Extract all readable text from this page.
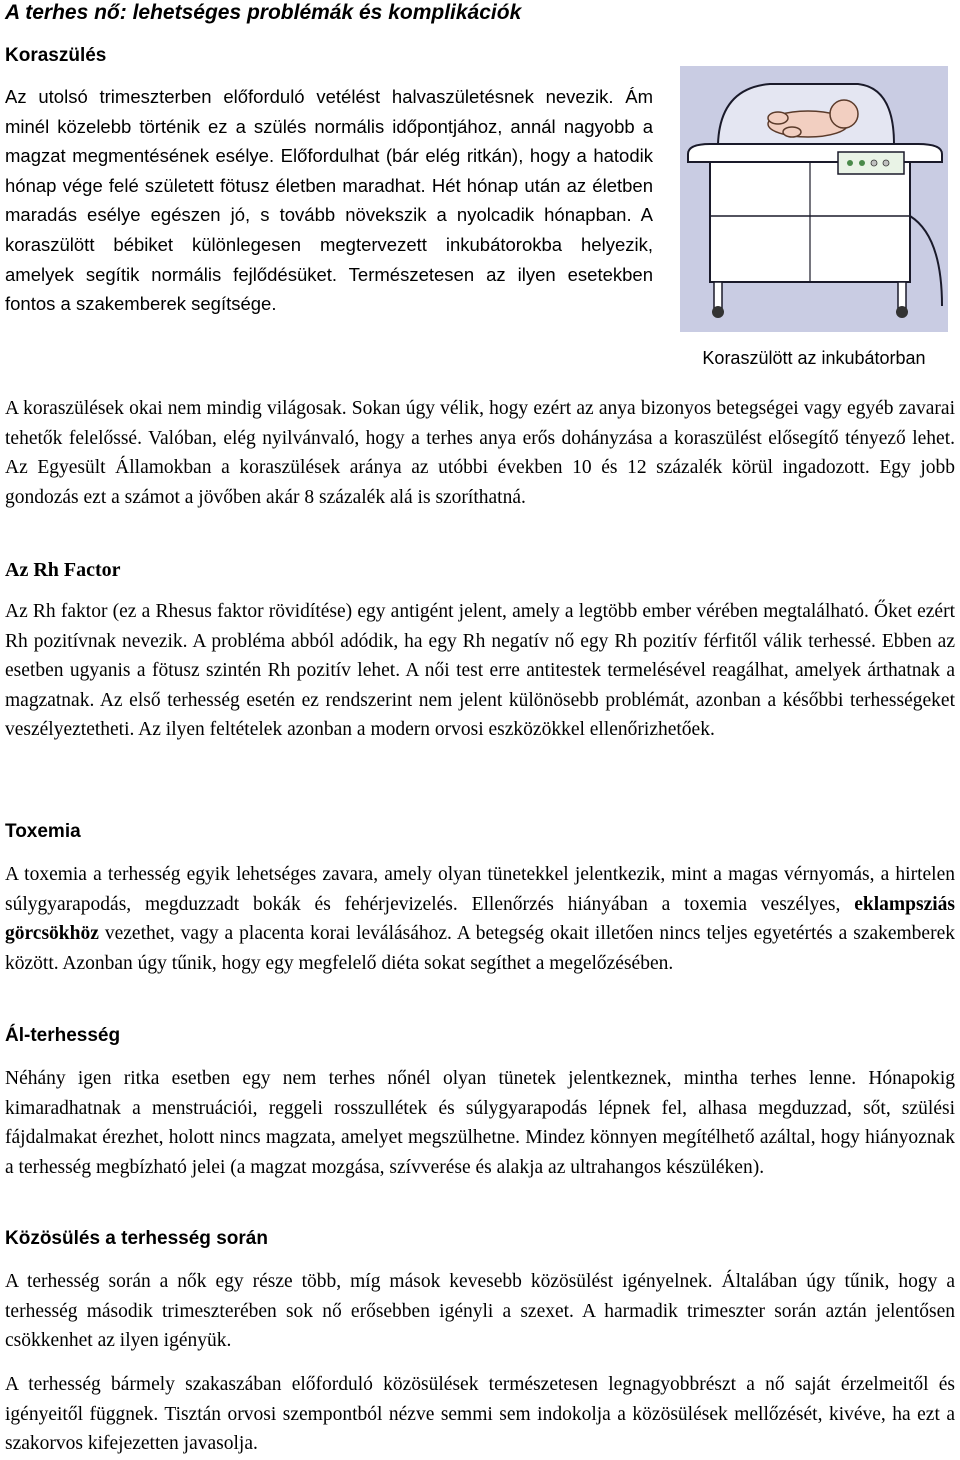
A terhes nő: lehetséges problémák és komplikációk
Koraszülés

Az utolsó trimeszterben előforduló vetélést halvaszületésnek nevezik. Ám minél közelebb történik ez a szülés normális időpontjához, annál nagyobb a magzat megmentésének esélye. Előfordulhat (bár elég ritkán), hogy a hatodik hónap vége felé született fötusz életben maradhat. Hét hónap után az életben maradás esélye egészen jó, s tovább növekszik a nyolcadik hónapban. A koraszülött bébiket különlegesen megtervezett inkubátorokba helyezik, amelyek segítik normális fejlődésüket. Természetesen az ilyen esetekben fontos a szakemberek segítsége.

Koraszülött az inkubátorban

A koraszülések okai nem mindig világosak. Sokan úgy vélik, hogy ezért az anya bizonyos betegségei vagy egyéb zavarai tehetők felelőssé. Valóban, elég nyilvánvaló, hogy a terhes anya erős dohányzása a koraszülést elősegítő tényező lehet. Az Egyesült Államokban a koraszülések aránya az utóbbi években 10 és 12 százalék körül ingadozott. Egy jobb gondozás ezt a számot a jövőben akár 8 százalék alá is szoríthatná.

Az Rh Factor

Az Rh faktor (ez a Rhesus faktor rövidítése) egy antigént jelent, amely a legtöbb ember vérében megtalálható. Őket ezért Rh pozitívnak nevezik. A probléma abból adódik, ha egy Rh negatív nő egy Rh pozitív férfitől válik terhessé. Ebben az esetben ugyanis a fötusz szintén Rh pozitív lehet. A női test erre antitestek termelésével reagálhat, amelyek árthatnak a magzatnak. Az első terhesség esetén ez rendszerint nem jelent különösebb problémát, azonban a későbbi terhességeket veszélyeztetheti. Az ilyen feltételek azonban a modern orvosi eszközökkel ellenőrizhetőek.

Toxemia

A toxemia a terhesség egyik lehetséges zavara, amely olyan tünetekkel jelentkezik, mint a magas vérnyomás, a hirtelen súlygyarapodás, megduzzadt bokák és fehérjevizelés. Ellenőrzés hiányában a toxemia veszélyes, eklampsziás görcsökhöz vezethet, vagy a placenta korai leválásához. A betegség okait illetően nincs teljes egyetértés a szakemberek között. Azonban úgy tűnik, hogy egy megfelelő diéta sokat segíthet a megelőzésében.

Ál-terhesség

Néhány igen ritka esetben egy nem terhes nőnél olyan tünetek jelentkeznek, mintha terhes lenne. Hónapokig kimaradhatnak a menstruációi, reggeli rosszullétek és súlygyarapodás lépnek fel, alhasa megduzzad, sőt, szülési fájdalmakat érezhet, holott nincs magzata, amelyet megszülhetne. Mindez könnyen megítélhető azáltal, hogy hiányoznak a terhesség megbízható jelei (a magzat mozgása, szívverése és alakja az ultrahangos készüléken).

Közösülés a terhesség során

A terhesség során a nők egy része több, míg mások kevesebb közösülést igényelnek. Általában úgy tűnik, hogy a terhesség második trimeszterében sok nő erősebben igényli a szexet. A harmadik trimeszter során aztán jelentősen csökkenhet az ilyen igényük.

A terhesség bármely szakaszában előforduló közösülések természetesen legnagyobbrészt a nő saját érzelmeitől és igényeitől függnek. Tisztán orvosi szempontból nézve semmi sem indokolja a közösülések mellőzését, kivéve, ha ezt a szakorvos kifejezetten javasolja.
